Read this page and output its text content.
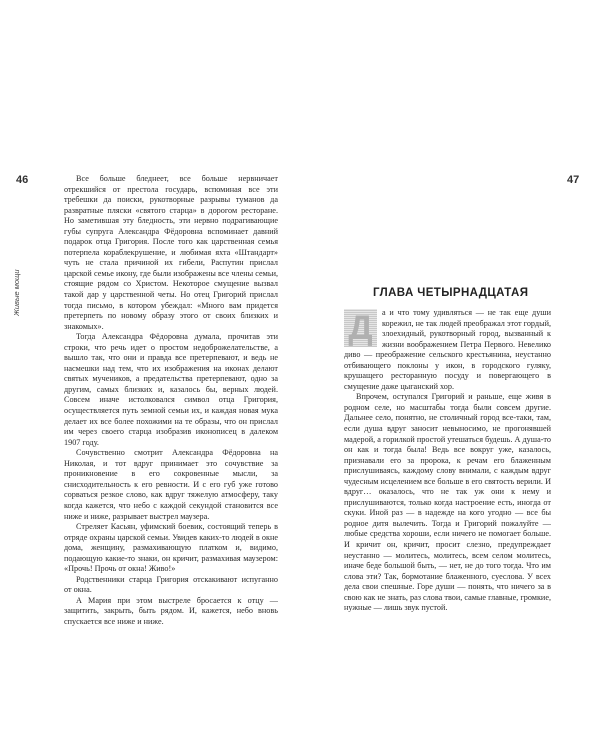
46
Живые мощи

Все больше бледнеет, все больше нервничает отрекшийся от престола государь, вспоминая все эти требешки да поиски, рукотворные разрывы туманов да развратные пляски «святого старца» в дорогом ресторане. Но заметившая эту бледность, эти нервно подрагивающие губы супруга Александра Фёдоровна вспоминает давний подарок отца Григория. После того как царственная семья потерпела кораблекрушение, и любимая яхта «Штандарт» чуть не стала причиной их гибели, Распутин прислал царской семье икону, где были изображены все члены семьи, стоящие рядом со Христом. Некоторое смущение вызвал такой дар у царственной четы. Но отец Григорий прислал тогда письмо, в котором убеждал: «Много вам придется претерпеть по новому образу этого от своих близких и знакомых».

Тогда Александра Фёдоровна думала, прочитав эти строки, что речь идет о простом недоброжелательстве, а вышло так, что они и правда все претерпевают, и ведь не насмешки над тем, что их изображения на иконах делают святых мучеников, а предательства претерпевают, одно за другим, самых близких и, казалось бы, верных людей. Совсем иначе истолковался символ отца Григория, осуществляется путь земной семьи их, и каждая новая мука делает их все более похожими на те образы, что он прислал им через своего старца изобразив иконописец в далеком 1907 году.

Сочувственно смотрит Александра Фёдоровна на Николая, и тот вдруг принимает это сочувствие за проникновение в его сокровенные мысли, за снисходительность к его ревности. И с его губ уже готово сорваться резкое слово, как вдруг тяжелую атмосферу, таку когда кажется, что небо с каждой секундой становится все ниже и ниже, разрывает выстрел маузера.

Стреляет Касьян, уфимский боевик, состоящий теперь в отряде охраны царской семьи. Увидев каких-то людей в окне дома, женщину, размахивающую платком и, видимо, подающую какие-то знаки, он кричит, размахивая маузером: «Прочь! Прочь от окна! Живо!»

Родственники старца Григория отскакивают испуганно от окна.

А Мария при этом выстреле бросается к отцу — защитить, закрыть, быть рядом. И, кажется, небо вновь спускается все ниже и ниже.

47
ГЛАВА ЧЕТЫРНАДЦАТАЯ

Д	а и что тому удивляться — не так еще души корежил, не так людей преображал этот гордый, злоехидный, рукотворный город, вызванный к жизни воображением Петра Первого. Невелико диво — преображение сельского крестьянина, неустанно отбивающего поклоны у икон, в городского гуляку, крушащего ресторанную посуду и повергающего в смущение даже цыганский хор.

Впрочем, оступался Григорий и раньше, еще живя в родном селе, но масштабы тогда были совсем другие. Дальнее село, понятно, не столичный город все-таки, там, если душа вдруг заносит невыносимо, не прогонявшей мадерой, а горилкой простой утешаться будешь. А душа-то он как и тогда была! Ведь все вокруг уже, казалось, признавали его за пророка, к речам его блаженным прислушиваясь, каждому слову внимали, с каждым вдруг чудесным исцелением все больше в его святость верили. И вдруг… оказалось, что не так уж они к нему и прислушиваются, только когда настроение есть, иногда от скуки. Иной раз — в надежде на кого угодно — все бы родное дитя вылечить. Тогда и Григорий пожалуйте — любые средства хороши, если ничего не помогает больше. И кричит он, кричит, просит слезно, предупреждает неустанно — молитесь, молитесь, всем селом молитесь, иначе беде большой быть, — нет, не до того тогда. Что им слова эти? Так, бормотание блаженного, суеслова. У всех дела свои спешные. Горе души — понять, что ничего за в свою как не знать, раз слова твои, самые главные, громкие, нужные — лишь звук пустой.
